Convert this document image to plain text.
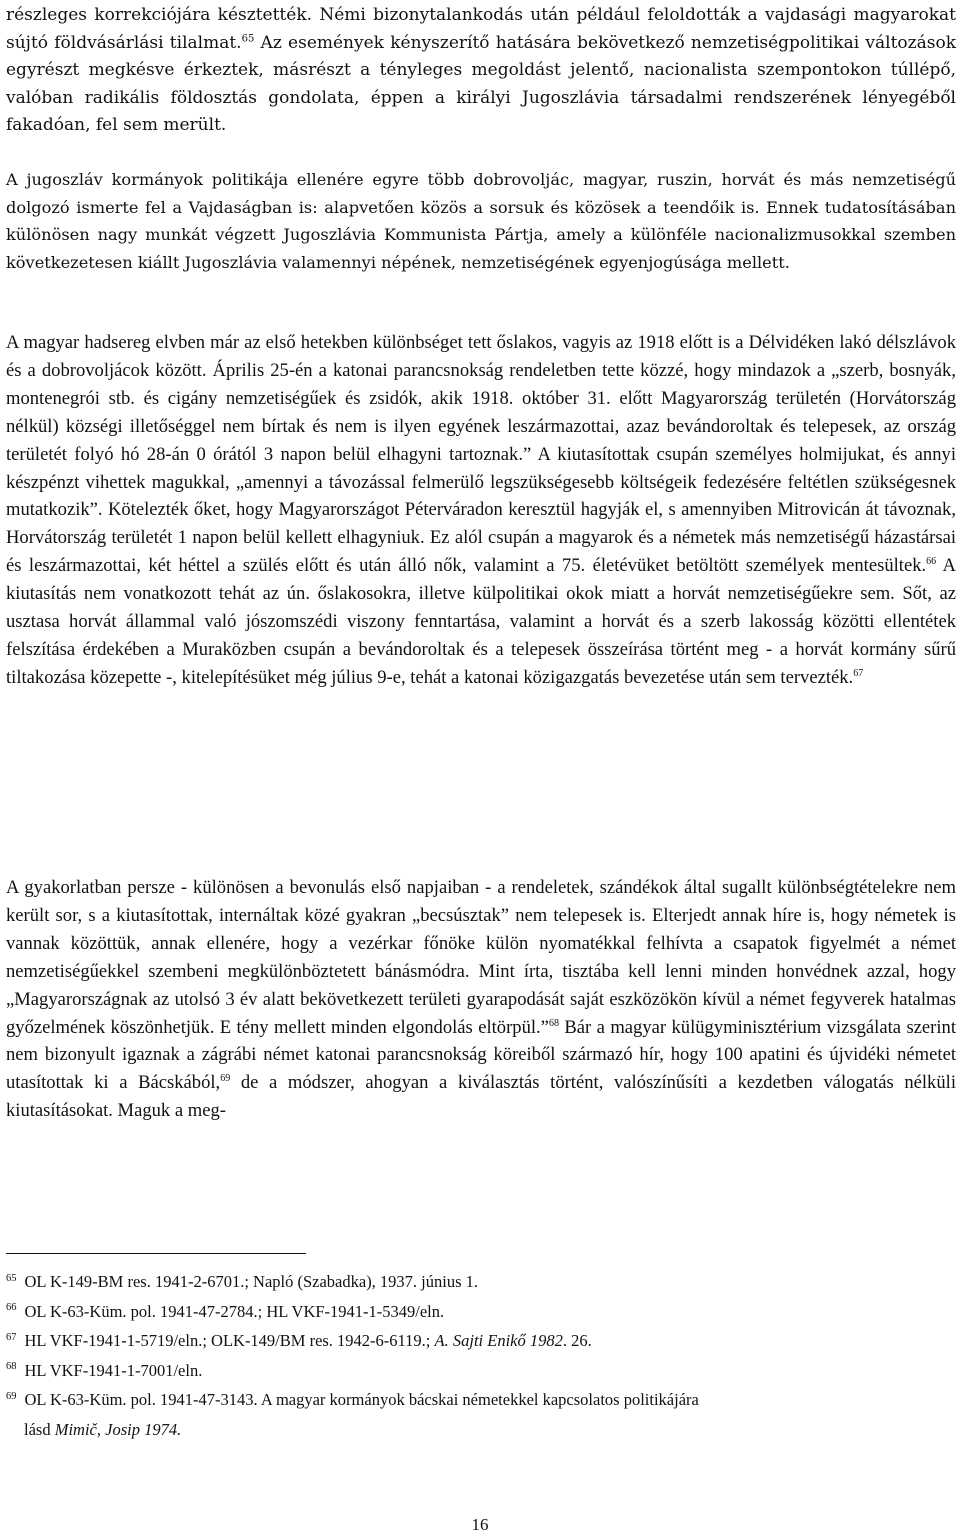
részleges korrekciójára késztették. Némi bizonytalankodás után például feloldották a vajdasági magyarokat sújtó földvásárlási tilalmat.$^{65}$ Az események kényszerítő hatására bekövetkező nemzetiségpolitikai változások egyrészt megkésve érkeztek, másrészt a tényleges megoldást jelentő, nacionalista szempontokon túllépő, valóban radikális földosztás gondolata, éppen a királyi Jugoszlávia társadalmi rendszerének lényegéből fakadóan, fel sem merült.

A jugoszláv kormányok politikája ellenére egyre több dobrovoljác, magyar, ruszin, horvát és más nemzetiségű dolgozó ismerte fel a Vajdaságban is: alapvetően közös a sorsuk és közösek a teendőik is. Ennek tudatosításában különösen nagy munkát végzett Jugoszlávia Kommunista Pártja, amely a különféle nacionalizmusokkal szemben következetesen kiállt Jugoszlávia valamennyi népének, nemzetiségének egyenjogúsága mellett.

A magyar hadsereg elvben már az első hetekben különbséget tett őslakos, vagyis az 1918 előtt is a Délvidéken lakó délszlávok és a dobrovoljácok között. Április 25-én a katonai parancsnokság rendeletben tette közzé, hogy mindazok a „szerb, bosnyák, montenegrói stb. és cigány nemzetiségűek és zsidók, akik 1918. október 31. előtt Magyarország területén (Horvátország nélkül) községi illetőséggel nem bírtak és nem is ilyen egyének leszármazottai, azaz bevándoroltak és telepesek, az ország területét folyó hó 28-án 0 órától 3 napon belül elhagyni tartoznak.” A kiutasítottak csupán személyes holmijukat, és annyi készpénzt vihettek magukkal, „amennyi a távozással felmerülő legszükségesebb költségeik fedezésére feltétlen szükségesnek mutatkozik”. Kötelezték őket, hogy Magyarországot Péterváradon keresztül hagyják el, s amennyiben Mitrovicán át távoznak, Horvátország területét 1 napon belül kellett elhagyniuk. Ez alól csupán a magyarok és a németek más nemzetiségű házastársai és leszármazottai, két héttel a szülés előtt és után álló nők, valamint a 75. életévüket betöltött személyek mentesültek.$^{66}$ A kiutasítás nem vonatkozott tehát az ún. őslakosokra, illetve külpolitikai okok miatt a horvát nemzetiségűekre sem. Sőt, az usztasa horvát állammal való jószomszédi viszony fenntartása, valamint a horvát és a szerb lakosság közötti ellentétek felszítása érdekében a Muraközben csupán a bevándoroltak és a telepesek összeírása történt meg - a horvát kormány sűrű tiltakozása közepette -, kitelepítésüket még július 9-e, tehát a katonai közigazgatás bevezetése után sem tervezték.$^{67}$

A gyakorlatban persze - különösen a bevonulás első napjaiban - a rendeletek, szándékok által sugallt különbségtételekre nem került sor, s a kiutasítottak, internáltak közé gyakran „becsúsztak” nem telepesek is. Elterjedt annak híre is, hogy németek is vannak közöttük, annak ellenére, hogy a vezérkar főnöke külön nyomatékkal felhívta a csapatok figyelmét a német nemzetiségűekkel szembeni megkülönböztetett bánásmódra. Mint írta, tisztába kell lenni minden honvédnek azzal, hogy „Magyarországnak az utolsó 3 év alatt bekövetkezett területi gyarapodását saját eszközökön kívül a német fegyverek hatalmas győzelmének köszönhetjük. E tény mellett minden elgondolás eltörpül.”$^{68}$ Bár a magyar külügyminisztérium vizsgálata szerint nem bizonyult igaznak a zágrábi német katonai parancsnokság köreiből származó hír, hogy 100 apatini és újvidéki németet utasítottak ki a Bácskából,$^{69}$ de a módszer, ahogyan a kiválasztás történt, valószínűsíti a kezdetben válogatás nélküli kiutasításokat. Maguk a meg-

$^{65}$ OL K-149-BM res. 1941-2-6701.; Napló (Szabadka), 1937. június 1.

$^{66}$ OL K-63-Küm. pol. 1941-47-2784.; HL VKF-1941-1-5349/eln.

$^{67}$ HL VKF-1941-1-5719/eln.; OLK-149/BM res. 1942-6-6119.; A. Sajti Enikő 1982. 26.

$^{68}$ HL VKF-1941-1-7001/eln.

$^{69}$ OL K-63-Küm. pol. 1941-47-3143. A magyar kormányok bácskai németekkel kapcsolatos politikájára
lásd Mimič, Josip 1974.

16
